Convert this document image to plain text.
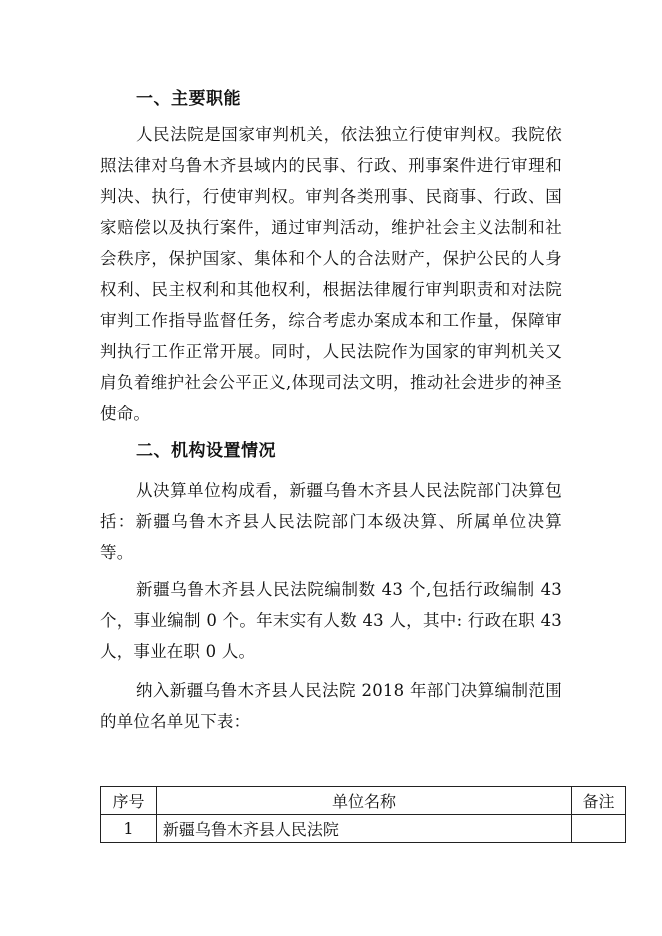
一、主要职能

人民法院是国家审判机关，依法独立行使审判权。我院依照法律对乌鲁木齐县域内的民事、行政、刑事案件进行审理和判决、执行，行使审判权。审判各类刑事、民商事、行政、国家赔偿以及执行案件，通过审判活动，维护社会主义法制和社会秩序，保护国家、集体和个人的合法财产，保护公民的人身权利、民主权利和其他权利，根据法律履行审判职责和对法院审判工作指导监督任务，综合考虑办案成本和工作量，保障审判执行工作正常开展。同时，人民法院作为国家的审判机关又肩负着维护社会公平正义,体现司法文明，推动社会进步的神圣使命。

二、机构设置情况

从决算单位构成看，新疆乌鲁木齐县人民法院部门决算包括：新疆乌鲁木齐县人民法院部门本级决算、所属单位决算等。

新疆乌鲁木齐县人民法院编制数 43 个,包括行政编制 43 个，事业编制 0 个。年末实有人数 43 人，其中: 行政在职 43 人，事业在职 0 人。

纳入新疆乌鲁木齐县人民法院 2018 年部门决算编制范围的单位名单见下表：

序号	单位名称	备注
1	新疆乌鲁木齐县人民法院	
